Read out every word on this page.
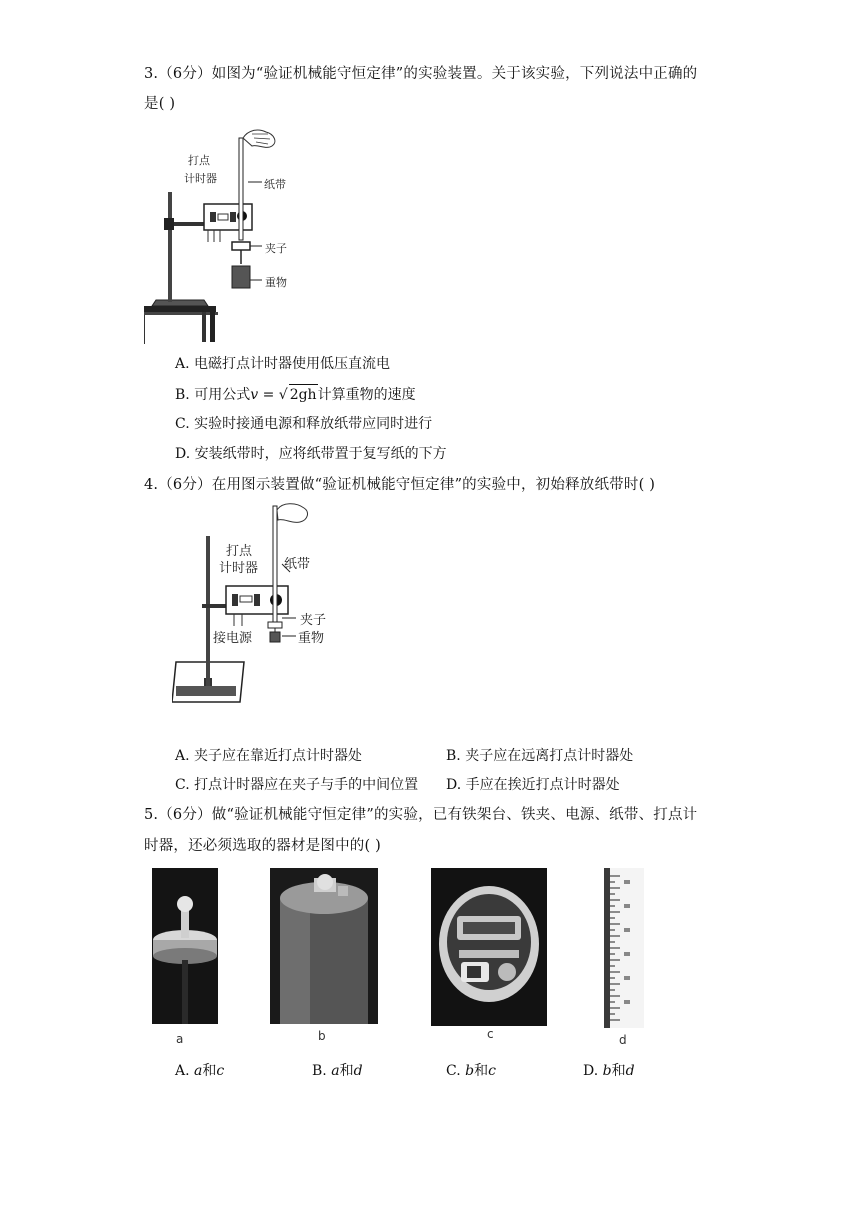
3.（6分）如图为“验证机械能守恒定律”的实验装置。关于该实验，下列说法中正确的
是( )
打点
计时器	纸带
夹子
重物
A. 电磁打点计时器使用低压直流电
B. 可用公式v = √ 2gh计算重物的速度
C. 实验时接通电源和释放纸带应同时进行
D. 安装纸带时，应将纸带置于复写纸的下方
4.（6分）在用图示装置做“验证机械能守恒定律”的实验中，初始释放纸带时( )
打点
计时器 纸带
夹子
接电源	重物
A. 夹子应在靠近打点计时器处	B. 夹子应在远离打点计时器处
C. 打点计时器应在夹子与手的中间位置 D. 手应在挨近打点计时器处
5.（6分）做“验证机械能守恒定律”的实验，已有铁架台、铁夹、电源、纸带、打点计
时器，还必须选取的器材是图中的( )
a	b	c	d
A. a和c	B. a和d	C. b和c	D. b和d
